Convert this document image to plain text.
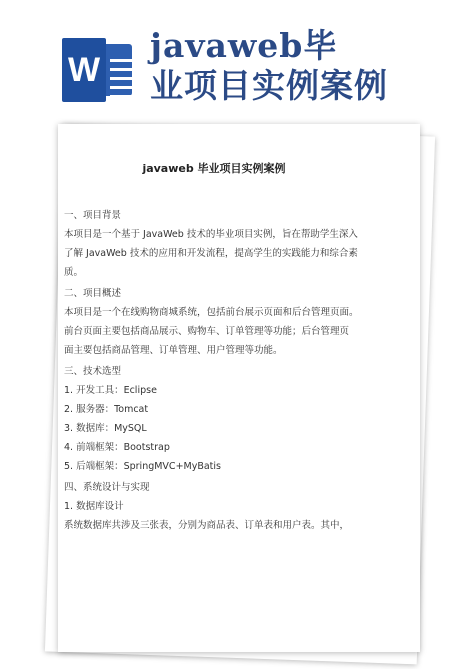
W
javaweb毕
业项目实例案例
javaweb 毕业项目实例案例

一、项目背景

本项目是一个基于 JavaWeb 技术的毕业项目实例，旨在帮助学生深入

了解 JavaWeb 技术的应用和开发流程，提高学生的实践能力和综合素

质。

二、项目概述

本项目是一个在线购物商城系统，包括前台展示页面和后台管理页面。

前台页面主要包括商品展示、购物车、订单管理等功能；后台管理页

面主要包括商品管理、订单管理、用户管理等功能。

三、技术选型

1. 开发工具：Eclipse

2. 服务器：Tomcat

3. 数据库：MySQL

4. 前端框架：Bootstrap

5. 后端框架：SpringMVC+MyBatis

四、系统设计与实现

1. 数据库设计

系统数据库共涉及三张表，分别为商品表、订单表和用户表。其中，
